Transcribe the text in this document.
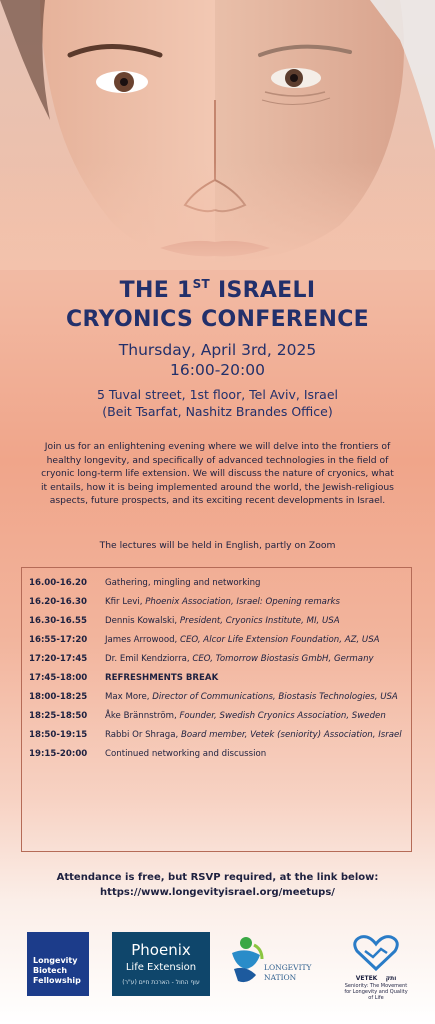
THE 1ST ISRAELI
CRYONICS CONFERENCE
Thursday, April 3rd, 2025
16:00-20:00
5 Tuval street, 1st floor, Tel Aviv, Israel
(Beit Tsarfat, Nashitz Brandes Office)
Join us for an enlightening evening where we will delve into the frontiers of healthy longevity, and specifically of advanced technologies in the field of cryonic long-term life extension. We will discuss the nature of cryonics, what it entails, how it is being implemented around the world, the Jewish-religious aspects, future prospects, and its exciting recent developments in Israel.
The lectures will be held in English, partly on Zoom
16.00-16.20	Gathering, mingling and networking
16.20-16.30	Kfir Levi, Phoenix Association, Israel: Opening remarks
16.30-16.55	Dennis Kowalski, President, Cryonics Institute, MI, USA
16:55-17:20	James Arrowood, CEO, Alcor Life Extension Foundation, AZ, USA
17:20-17:45	Dr. Emil Kendziorra, CEO, Tomorrow Biostasis GmbH, Germany
17:45-18:00	REFRESHMENTS BREAK
18:00-18:25	Max More, Director of Communications, Biostasis Technologies, USA
18:25-18:50	Åke Brännström, Founder, Swedish Cryonics Association, Sweden
18:50-19:15	Rabbi Or Shraga, Board member, Vetek (seniority) Association, Israel
19:15-20:00	Continued networking and discussion
Attendance is free, but RSVP required, at the link below:
https://www.longevityisrael.org/meetups/
Longevity Biotech Fellowship
Phoenix
Life Extension
עוף החול - הארכת חיים (ע"ר)
LONGEVITY
NATION	VETEK ותק
Seniority: The Movement for Longevity and Quality of Life
